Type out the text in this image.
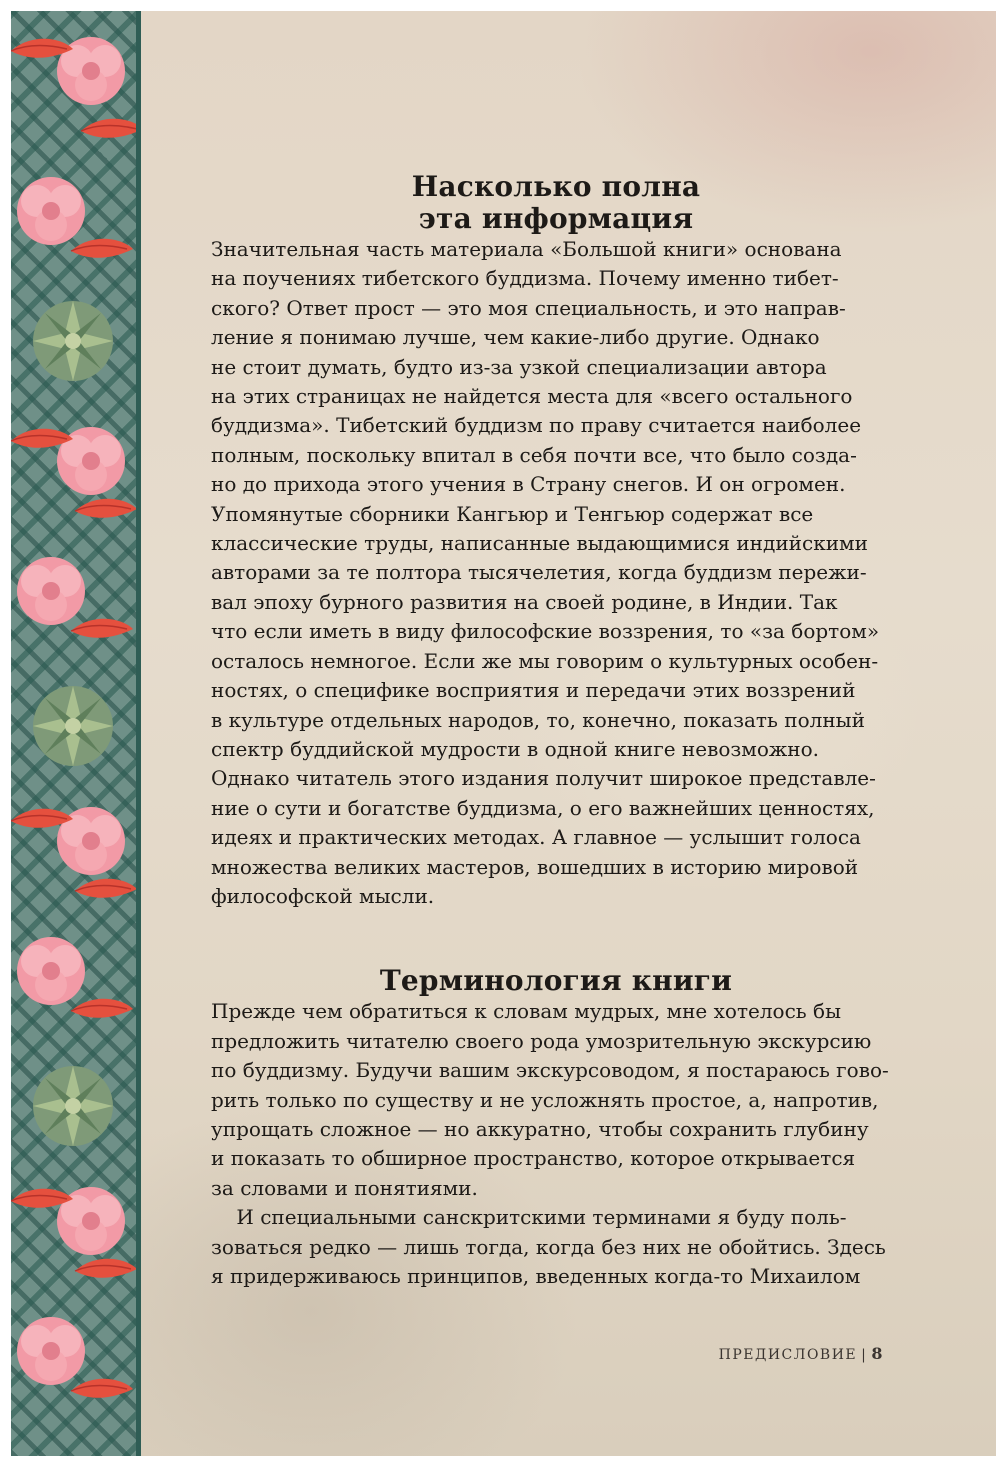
Насколько полна
эта информация
Значительная часть материала «Большой книги» основана
на поучениях тибетского буддизма. Почему именно тибет-
ского? Ответ прост — это моя специальность, и это направ-
ление я понимаю лучше, чем какие-либо другие. Однако
не стоит думать, будто из-за узкой специализации автора
на этих страницах не найдется места для «всего остального
буддизма». Тибетский буддизм по праву считается наиболее
полным, поскольку впитал в себя почти все, что было созда-
но до прихода этого учения в Страну снегов. И он огромен.
Упомянутые сборники Кангьюр и Тенгьюр содержат все
классические труды, написанные выдающимися индийскими
авторами за те полтора тысячелетия, когда буддизм пережи-
вал эпоху бурного развития на своей родине, в Индии. Так
что если иметь в виду философские воззрения, то «за бортом»
осталось немногое. Если же мы говорим о культурных особен-
ностях, о специфике восприятия и передачи этих воззрений
в культуре отдельных народов, то, конечно, показать полный
спектр буддийской мудрости в одной книге невозможно.
Однако читатель этого издания получит широкое представле-
ние о сути и богатстве буддизма, о его важнейших ценностях,
идеях и практических методах. А главное — услышит голоса
множества великих мастеров, вошедших в историю мировой
философской мысли.
Терминология книги
Прежде чем обратиться к словам мудрых, мне хотелось бы
предложить читателю своего рода умозрительную экскурсию
по буддизму. Будучи вашим экскурсоводом, я постараюсь гово-
рить только по существу и не усложнять простое, а, напротив,
упрощать сложное — но аккуратно, чтобы сохранить глубину
и показать то обширное пространство, которое открывается
за словами и понятиями.
И специальными санскритскими терминами я буду поль-
зоваться редко — лишь тогда, когда без них не обойтись. Здесь
я придерживаюсь принципов, введенных когда-то Михаилом
ПРЕДИСЛОВИЕ | 8
